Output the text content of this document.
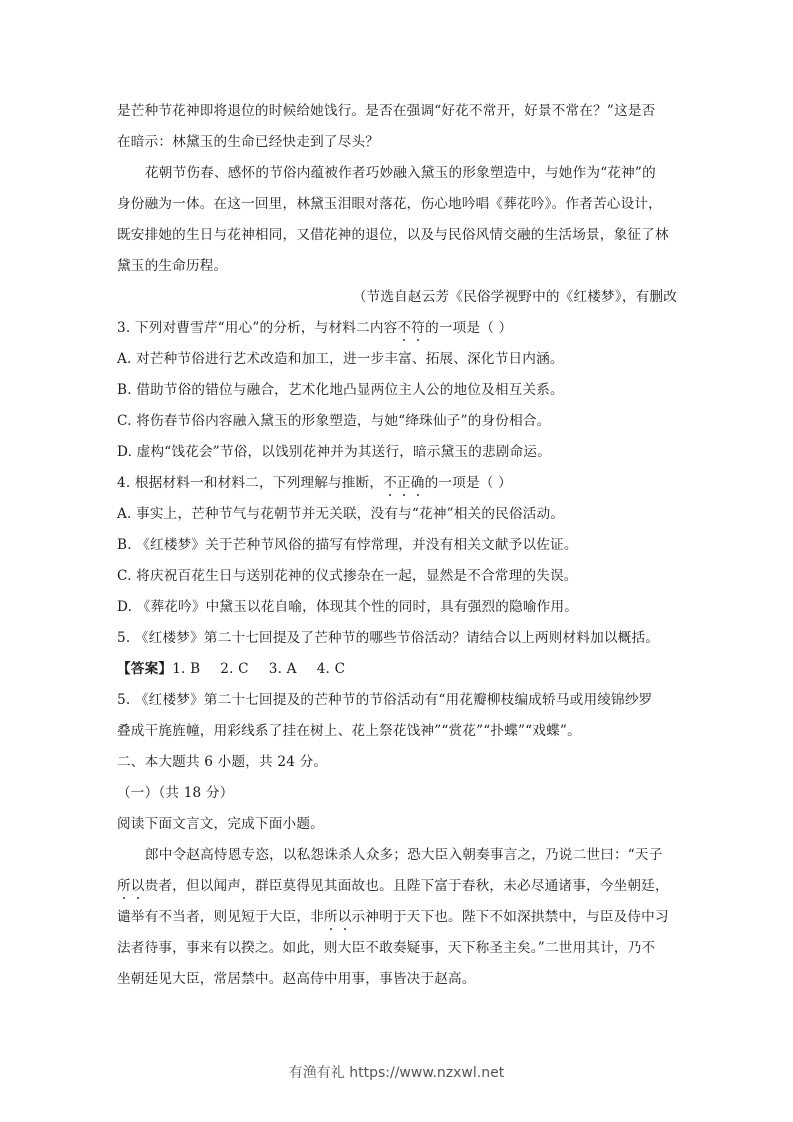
是芒种节花神即将退位的时候给她饯行。是否在强调“好花不常开，好景不常在？”这是否
在暗示：林黛玉的生命已经快走到了尽头？
花朝节伤春、感怀的节俗内蕴被作者巧妙融入黛玉的形象塑造中，与她作为“花神”的
身份融为一体。在这一回里，林黛玉泪眼对落花，伤心地吟唱《葬花吟》。作者苦心设计，
既安排她的生日与花神相同，又借花神的退位，以及与民俗风情交融的生活场景，象征了林
黛玉的生命历程。
（节选自赵云芳《民俗学视野中的《红楼梦》，有删改
3. 下列对曹雪芹“用心”的分析，与材料二内容不符的一项是（ ）
A. 对芒种节俗进行艺术改造和加工，进一步丰富、拓展、深化节日内涵。
B. 借助节俗的错位与融合，艺术化地凸显两位主人公的地位及相互关系。
C. 将伤春节俗内容融入黛玉的形象塑造，与她“绛珠仙子”的身份相合。
D. 虚构“饯花会”节俗，以饯别花神并为其送行，暗示黛玉的悲剧命运。
4. 根据材料一和材料二，下列理解与推断，不正确的一项是（ ）
A. 事实上，芒种节气与花朝节并无关联，没有与“花神”相关的民俗活动。
B. 《红楼梦》关于芒种节风俗的描写有悖常理，并没有相关文献予以佐证。
C. 将庆祝百花生日与送别花神的仪式掺杂在一起，显然是不合常理的失误。
D. 《葬花吟》中黛玉以花自喻，体现其个性的同时，具有强烈的隐喻作用。
5. 《红楼梦》第二十七回提及了芒种节的哪些节俗活动？请结合以上两则材料加以概括。
【答案】1. B 2. C 3. A 4. C
5. 《红楼梦》第二十七回提及的芒种节的节俗活动有“用花瓣柳枝编成轿马或用绫锦纱罗
叠成干旄旌幢，用彩线系了挂在树上、花上祭花饯神”“赏花”“扑蝶”“戏蝶”。
二、本大题共 6 小题，共 24 分。
（一）（共 18 分）
阅读下面文言文，完成下面小题。
郎中令赵高恃恩专恣，以私怨诛杀人众多；恐大臣入朝奏事言之，乃说二世曰：“天子
所以贵者，但以闻声，群臣莫得见其面故也。且陛下富于春秋，未必尽通诸事，今坐朝廷，
谴举有不当者，则见短于大臣，非所以示神明于天下也。陛下不如深拱禁中，与臣及侍中习
法者待事，事来有以揆之。如此，则大臣不敢奏疑事，天下称圣主矣。”二世用其计，乃不
坐朝廷见大臣，常居禁中。赵高侍中用事，事皆决于赵高。
有渔有礼 https://www.nzxwl.net
